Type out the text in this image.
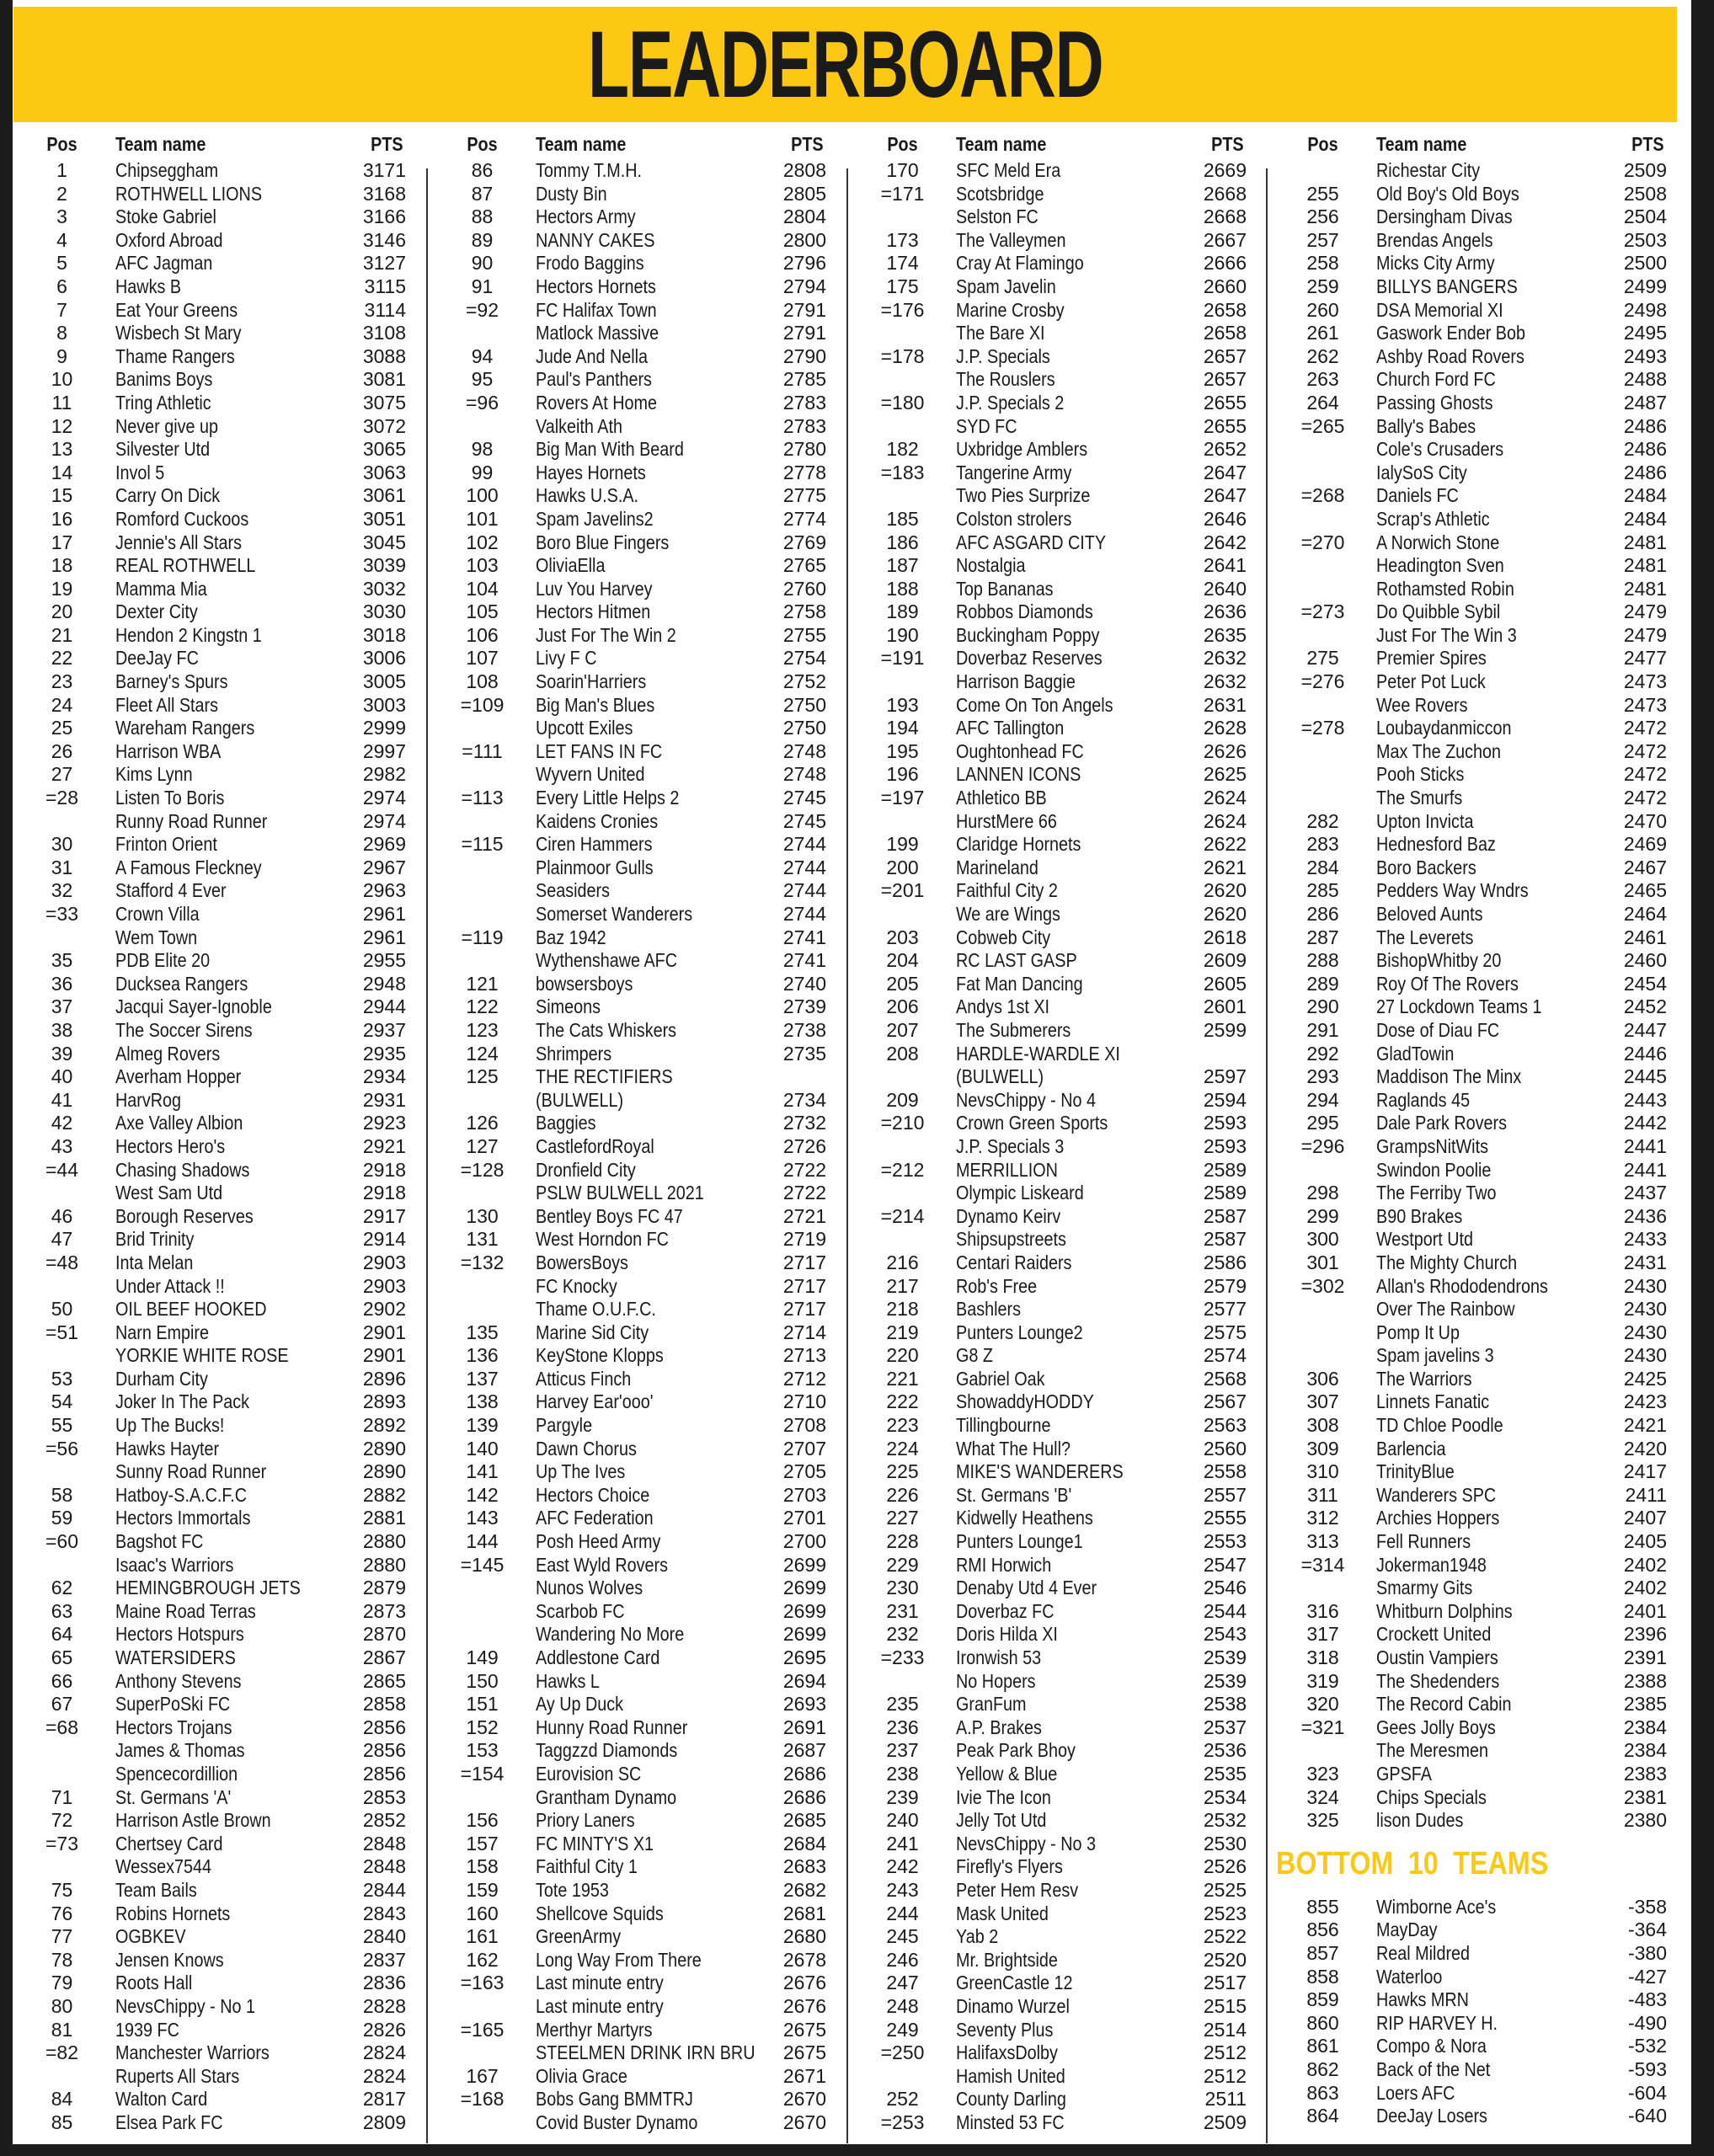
LEADERBOARD
Pos	Team name	PTS
1	Chipseggham	3171
2	ROTHWELL LIONS	3168
3	Stoke Gabriel	3166
4	Oxford Abroad	3146
5	AFC Jagman	3127
6	Hawks B	3115
7	Eat Your Greens	3114
8	Wisbech St Mary	3108
9	Thame Rangers	3088
10	Banims Boys	3081
11	Tring Athletic	3075
12	Never give up	3072
13	Silvester Utd	3065
14	Invol 5	3063
15	Carry On Dick	3061
16	Romford Cuckoos	3051
17	Jennie's All Stars	3045
18	REAL ROTHWELL	3039
19	Mamma Mia	3032
20	Dexter City	3030
21	Hendon 2 Kingstn 1	3018
22	DeeJay FC	3006
23	Barney's Spurs	3005
24	Fleet All Stars	3003
25	Wareham Rangers	2999
26	Harrison WBA	2997
27	Kims Lynn	2982
=28	Listen To Boris	2974
Runny Road Runner	2974
30	Frinton Orient	2969
31	A Famous Fleckney	2967
32	Stafford 4 Ever	2963
=33	Crown Villa	2961
Wem Town	2961
35	PDB Elite 20	2955
36	Ducksea Rangers	2948
37	Jacqui Sayer-Ignoble	2944
38	The Soccer Sirens	2937
39	Almeg Rovers	2935
40	Averham Hopper	2934
41	HarvRog	2931
42	Axe Valley Albion	2923
43	Hectors Hero's	2921
=44	Chasing Shadows	2918
West Sam Utd	2918
46	Borough Reserves	2917
47	Brid Trinity	2914
=48	Inta Melan	2903
Under Attack !!	2903
50	OIL BEEF HOOKED	2902
=51	Narn Empire	2901
YORKIE WHITE ROSE	2901
53	Durham City	2896
54	Joker In The Pack	2893
55	Up The Bucks!	2892
=56	Hawks Hayter	2890
Sunny Road Runner	2890
58	Hatboy-S.A.C.F.C	2882
59	Hectors Immortals	2881
=60	Bagshot FC	2880
Isaac's Warriors	2880
62	HEMINGBROUGH JETS	2879
63	Maine Road Terras	2873
64	Hectors Hotspurs	2870
65	WATERSIDERS	2867
66	Anthony Stevens	2865
67	SuperPoSki FC	2858
=68	Hectors Trojans	2856
James & Thomas	2856
Spencecordillion	2856
71	St. Germans 'A'	2853
72	Harrison Astle Brown	2852
=73	Chertsey Card	2848
Wessex7544	2848
75	Team Bails	2844
76	Robins Hornets	2843
77	OGBKEV	2840
78	Jensen Knows	2837
79	Roots Hall	2836
80	NevsChippy - No 1	2828
81	1939 FC	2826
=82	Manchester Warriors	2824
Ruperts All Stars	2824
84	Walton Card	2817
85	Elsea Park FC	2809
Pos	Team name	PTS
86	Tommy T.M.H.	2808
87	Dusty Bin	2805
88	Hectors Army	2804
89	NANNY CAKES	2800
90	Frodo Baggins	2796
91	Hectors Hornets	2794
=92	FC Halifax Town	2791
Matlock Massive	2791
94	Jude And Nella	2790
95	Paul's Panthers	2785
=96	Rovers At Home	2783
Valkeith Ath	2783
98	Big Man With Beard	2780
99	Hayes Hornets	2778
100	Hawks U.S.A.	2775
101	Spam Javelins2	2774
102	Boro Blue Fingers	2769
103	OliviaElla	2765
104	Luv You Harvey	2760
105	Hectors Hitmen	2758
106	Just For The Win 2	2755
107	Livy F C	2754
108	Soarin'Harriers	2752
=109	Big Man's Blues	2750
Upcott Exiles	2750
=111	LET FANS IN FC	2748
Wyvern United	2748
=113	Every Little Helps 2	2745
Kaidens Cronies	2745
=115	Ciren Hammers	2744
Plainmoor Gulls	2744
Seasiders	2744
Somerset Wanderers	2744
=119	Baz 1942	2741
Wythenshawe AFC	2741
121	bowsersboys	2740
122	Simeons	2739
123	The Cats Whiskers	2738
124	Shrimpers	2735
125	THE RECTIFIERS
(BULWELL)	2734
126	Baggies	2732
127	CastlefordRoyal	2726
=128	Dronfield City	2722
PSLW BULWELL 2021	2722
130	Bentley Boys FC 47	2721
131	West Horndon FC	2719
=132	BowersBoys	2717
FC Knocky	2717
Thame O.U.F.C.	2717
135	Marine Sid City	2714
136	KeyStone Klopps	2713
137	Atticus Finch	2712
138	Harvey Ear'ooo'	2710
139	Pargyle	2708
140	Dawn Chorus	2707
141	Up The Ives	2705
142	Hectors Choice	2703
143	AFC Federation	2701
144	Posh Heed Army	2700
=145	East Wyld Rovers	2699
Nunos Wolves	2699
Scarbob FC	2699
Wandering No More	2699
149	Addlestone Card	2695
150	Hawks L	2694
151	Ay Up Duck	2693
152	Hunny Road Runner	2691
153	Taggzzd Diamonds	2687
=154	Eurovision SC	2686
Grantham Dynamo	2686
156	Priory Laners	2685
157	FC MINTY'S X1	2684
158	Faithful City 1	2683
159	Tote 1953	2682
160	Shellcove Squids	2681
161	GreenArmy	2680
162	Long Way From There	2678
=163	Last minute entry	2676
Last minute entry	2676
=165	Merthyr Martyrs	2675
STEELMEN DRINK IRN BRU 2675
167	Olivia Grace	2671
=168	Bobs Gang BMMTRJ	2670
Covid Buster Dynamo	2670
Pos	Team name	PTS
170	SFC Meld Era	2669
=171	Scotsbridge	2668
Selston FC	2668
173	The Valleymen	2667
174	Cray At Flamingo	2666
175	Spam Javelin	2660
=176	Marine Crosby	2658
The Bare XI	2658
=178	J.P. Specials	2657
The Rouslers	2657
=180	J.P. Specials 2	2655
SYD FC	2655
182	Uxbridge Amblers	2652
=183	Tangerine Army	2647
Two Pies Surprize	2647
185	Colston strolers	2646
186	AFC ASGARD CITY	2642
187	Nostalgia	2641
188	Top Bananas	2640
189	Robbos Diamonds	2636
190	Buckingham Poppy	2635
=191	Doverbaz Reserves	2632
Harrison Baggie	2632
193	Come On Ton Angels	2631
194	AFC Tallington	2628
195	Oughtonhead FC	2626
196	LANNEN ICONS	2625
=197	Athletico BB	2624
HurstMere 66	2624
199	Claridge Hornets	2622
200	Marineland	2621
=201	Faithful City 2	2620
We are Wings	2620
203	Cobweb City	2618
204	RC LAST GASP	2609
205	Fat Man Dancing	2605
206	Andys 1st XI	2601
207	The Submerers	2599
208	HARDLE-WARDLE XI
(BULWELL)	2597
209	NevsChippy - No 4	2594
=210	Crown Green Sports	2593
J.P. Specials 3	2593
=212	MERRILLION	2589
Olympic Liskeard	2589
=214	Dynamo Keirv	2587
Shipsupstreets	2587
216	Centari Raiders	2586
217	Rob's Free	2579
218	Bashlers	2577
219	Punters Lounge2	2575
220	G8 Z	2574
221	Gabriel Oak	2568
222	ShowaddyHODDY	2567
223	Tillingbourne	2563
224	What The Hull?	2560
225	MIKE'S WANDERERS	2558
226	St. Germans 'B'	2557
227	Kidwelly Heathens	2555
228	Punters Lounge1	2553
229	RMI Horwich	2547
230	Denaby Utd 4 Ever	2546
231	Doverbaz FC	2544
232	Doris Hilda XI	2543
=233	Ironwish 53	2539
No Hopers	2539
235	GranFum	2538
236	A.P. Brakes	2537
237	Peak Park Bhoy	2536
238	Yellow & Blue	2535
239	Ivie The Icon	2534
240	Jelly Tot Utd	2532
241	NevsChippy - No 3	2530
242	Firefly's Flyers	2526
243	Peter Hem Resv	2525
244	Mask United	2523
245	Yab 2	2522
246	Mr. Brightside	2520
247	GreenCastle 12	2517
248	Dinamo Wurzel	2515
249	Seventy Plus	2514
=250	HalifaxsDolby	2512
Hamish United	2512
252	County Darling	2511
=253	Minsted 53 FC	2509
Pos	Team name	PTS
Richestar City	2509
255	Old Boy's Old Boys	2508
256	Dersingham Divas	2504
257	Brendas Angels	2503
258	Micks City Army	2500
259	BILLYS BANGERS	2499
260	DSA Memorial XI	2498
261	Gaswork Ender Bob	2495
262	Ashby Road Rovers	2493
263	Church Ford FC	2488
264	Passing Ghosts	2487
=265	Bally's Babes	2486
Cole's Crusaders	2486
IalySoS City	2486
=268	Daniels FC	2484
Scrap's Athletic	2484
=270	A Norwich Stone	2481
Headington Sven	2481
Rothamsted Robin	2481
=273	Do Quibble Sybil	2479
Just For The Win 3	2479
275	Premier Spires	2477
=276	Peter Pot Luck	2473
Wee Rovers	2473
=278	Loubaydanmiccon	2472
Max The Zuchon	2472
Pooh Sticks	2472
The Smurfs	2472
282	Upton Invicta	2470
283	Hednesford Baz	2469
284	Boro Backers	2467
285	Pedders Way Wndrs	2465
286	Beloved Aunts	2464
287	The Leverets	2461
288	BishopWhitby 20	2460
289	Roy Of The Rovers	2454
290	27 Lockdown Teams 1	2452
291	Dose of Diau FC	2447
292	GladTowin	2446
293	Maddison The Minx	2445
294	Raglands 45	2443
295	Dale Park Rovers	2442
=296	GrampsNitWits	2441
Swindon Poolie	2441
298	The Ferriby Two	2437
299	B90 Brakes	2436
300	Westport Utd	2433
301	The Mighty Church	2431
=302	Allan's Rhododendrons	2430
Over The Rainbow	2430
Pomp It Up	2430
Spam javelins 3	2430
306	The Warriors	2425
307	Linnets Fanatic	2423
308	TD Chloe Poodle	2421
309	Barlencia	2420
310	TrinityBlue	2417
311	Wanderers SPC	2411
312	Archies Hoppers	2407
313	Fell Runners	2405
=314	Jokerman1948	2402
Smarmy Gits	2402
316	Whitburn Dolphins	2401
317	Crockett United	2396
318	Oustin Vampiers	2391
319	The Shedenders	2388
320	The Record Cabin	2385
=321	Gees Jolly Boys	2384
The Meresmen	2384
323	GPSFA	2383
324	Chips Specials	2381
325	lison Dudes	2380
BOTTOM 10 TEAMS
855	Wimborne Ace's	-358
856	MayDay	-364
857	Real Mildred	-380
858	Waterloo	-427
859	Hawks MRN	-483
860	RIP HARVEY H.	-490
861	Compo & Nora	-532
862	Back of the Net	-593
863	Loers AFC	-604
864	DeeJay Losers	-640
